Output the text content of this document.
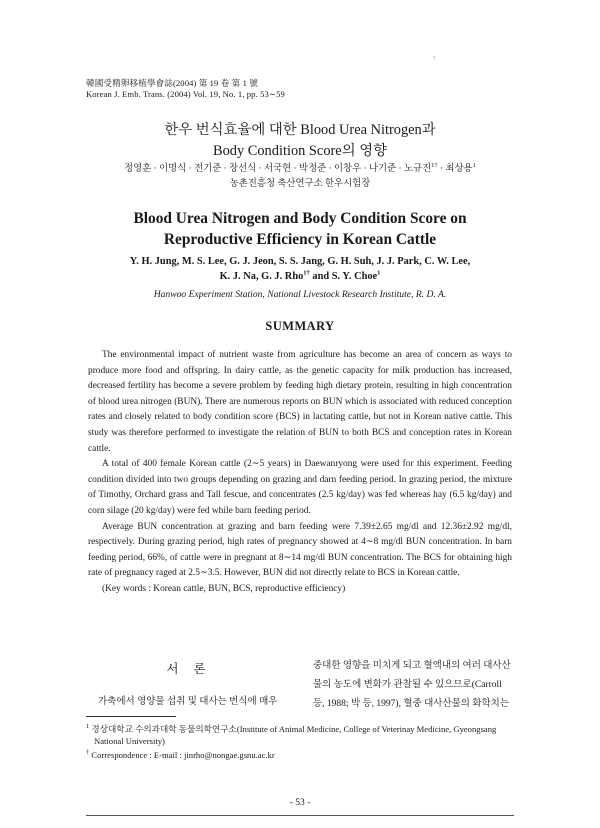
↑
韓國受精卵移植學會誌(2004) 第 19 卷 第 1 號
Korean J. Emb. Trans. (2004) Vol. 19, No. 1, pp. 53∼59
한우 번식효율에 대한 Blood Urea Nitrogen과
Body Condition Score의 영향
정영훈 · 이명식 · 전기준 · 장선식 · 서국현 · 박정준 · 이창우 · 나기준 · 노규진$^{1\dagger}$ · 최상용$^1$
농촌진흥청 축산연구소 한우시험장
Blood Urea Nitrogen and Body Condition Score on
Reproductive Efficiency in Korean Cattle
Y. H. Jung, M. S. Lee, G. J. Jeon, S. S. Jang, G. H. Suh, J. J. Park, C. W. Lee,
K. J. Na, G. J. Rho$^{1\dagger}$ and S. Y. Choe$^1$
Hanwoo Experiment Station, National Livestock Research Institute, R. D. A.
SUMMARY

The environmental impact of nutrient waste from agriculture has become an area of concern as ways to produce more food and offspring. In dairy cattle, as the genetic capacity for milk production has increased, decreased fertility has become a severe problem by feeding high dietary protein, resulting in high concentration of blood urea nitrogen (BUN). There are numerous reports on BUN which is associated with reduced conception rates and closely related to body condition score (BCS) in lactating cattle, but not in Korean native cattle. This study was therefore performed to investigate the relation of BUN to both BCS and conception rates in Korean cattle.

A total of 400 female Korean cattle (2∼5 years) in Daewanryong were used for this experiment. Feeding condition divided into two groups depending on grazing and darn feeding period. In grazing period, the mixture of Timothy, Orchard grass and Tall fescue, and concentrates (2.5 kg/day) was fed whereas hay (6.5 kg/day) and corn silage (20 kg/day) were fed while barn feeding period.

Average BUN concentration at grazing and barn feeding were 7.39±2.65 mg/dl and 12.36±2.92 mg/dl, respectively. During grazing period, high rates of pregnancy showed at 4∼8 mg/dl BUN concentration. In barn feeding period, 66%, of cattle were in pregnant at 8∼14 mg/dl BUN concentration. The BCS for obtaining high rate of pregnancy raged at 2.5∼3.5. However, BUN did not directly relate to BCS in Korean cattle.

(Key words : Korean cattle, BUN, BCS, reproductive efficiency)

서 론
가축에서 영양물 섭취 및 대사는 번식에 매우
중대한 영향을 미치게 되고 혈액내의 여러 대사산
물의 농도에 변화가 관찰될 수 있으므로(Carroll
등, 1988; 박 등, 1997), 혈중 대사산물의 화학치는

$^1$ 경상대학교 수의과대학 동물의학연구소(Institute of Animal Medicine, College of Veterinay Medicine, Gyeongsang National University)

† Correspondence : E-mail : jinrho@nongae.gsnu.ac.kr

- 53 -
